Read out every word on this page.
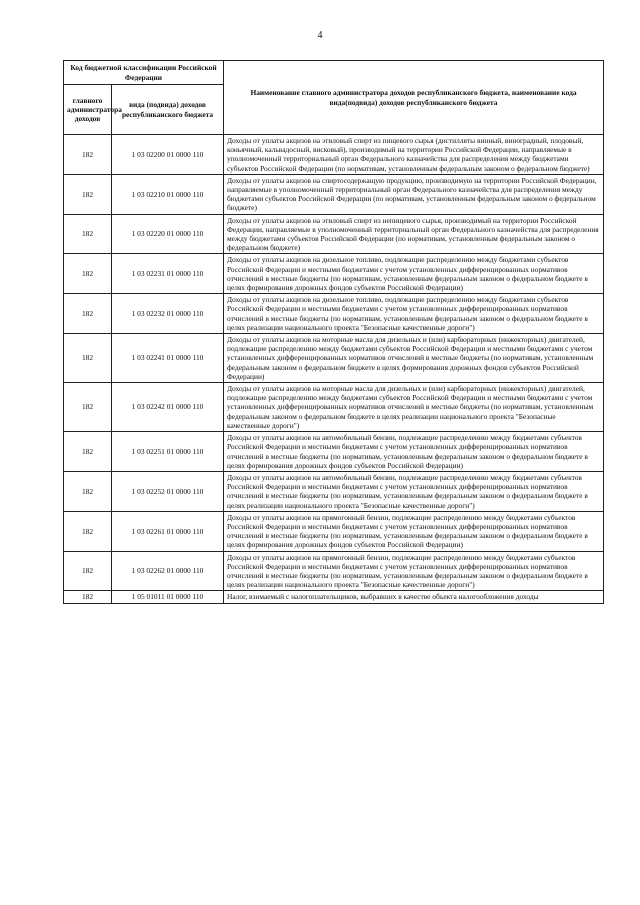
4
Код бюджетной классификации Российской Федерации		Наименование главного администратора доходов республиканского бюджета, наименование кода вида(подвида) доходов республиканского бюджета
главного администратора доходов	вида (подвида) доходов республиканского бюджета	
182	1 03 02200 01 0000 110	Доходы от уплаты акцизов на этиловый спирт из пищевого сырья (дистилляты винный, виноградный, плодовый, коньячный, кальвадосный, висковый), производимый на территории Российской Федерации, направляемые в уполномоченный территориальный орган Федерального казначейства для распределения между бюджетами субъектов Российской Федерации (по нормативам, установленным федеральным законом о федеральном бюджете)
182	1 03 02210 01 0000 110	Доходы от уплаты акцизов на спиртосодержащую продукцию, производимую на территории Российской Федерации, направляемые в уполномоченный территориальный орган Федерального казначейства для распределения между бюджетами субъектов Российской Федерации (по нормативам, установленным федеральным законом о федеральном бюджете)
182	1 03 02220 01 0000 110	Доходы от уплаты акцизов на этиловый спирт из непищевого сырья, производимый на территории Российской Федерации, направляемые в уполномоченный территориальный орган Федерального казначейства для распределения между бюджетами субъектов Российской Федерации (по нормативам, установленным федеральным законом о федеральном бюджете)
182	1 03 02231 01 0000 110	Доходы от уплаты акцизов на дизельное топливо, подлежащие распределению между бюджетами субъектов Российской Федерации и местными бюджетами с учетом установленных дифференцированных нормативов отчислений в местные бюджеты (по нормативам, установленным федеральным законом о федеральном бюджете в целях формирования дорожных фондов субъектов Российской Федерации)
182	1 03 02232 01 0000 110	Доходы от уплаты акцизов на дизельное топливо, подлежащие распределению между бюджетами субъектов Российской Федерации и местными бюджетами с учетом установленных дифференцированных нормативов отчислений в местные бюджеты (по нормативам, установленным федеральным законом о федеральном бюджете в целях реализации национального проекта "Безопасные качественные дороги")
182	1 03 02241 01 0000 110	Доходы от уплаты акцизов на моторные масла для дизельных и (или) карбюраторных (инжекторных) двигателей, подлежащие распределению между бюджетами субъектов Российской Федерации и местными бюджетами с учетом установленных дифференцированных нормативов отчислений в местные бюджеты (по нормативам, установленным федеральным законом о федеральном бюджете в целях формирования дорожных фондов субъектов Российской Федерации)
182	1 03 02242 01 0000 110	Доходы от уплаты акцизов на моторные масла для дизельных и (или) карбюраторных (инжекторных) двигателей, подлежащие распределению между бюджетами субъектов Российской Федерации и местными бюджетами с учетом установленных дифференцированных нормативов отчислений в местные бюджеты (по нормативам, установленным федеральным законом о федеральном бюджете в целях реализации национального проекта "Безопасные качественные дороги")
182	1 03 02251 01 0000 110	Доходы от уплаты акцизов на автомобильный бензин, подлежащие распределению между бюджетами субъектов Российской Федерации и местными бюджетами с учетом установленных дифференцированных нормативов отчислений в местные бюджеты (по нормативам, установленным федеральным законом о федеральном бюджете в целях формирования дорожных фондов субъектов Российской Федерации)
182	1 03 02252 01 0000 110	Доходы от уплаты акцизов на автомобильный бензин, подлежащие распределению между бюджетами субъектов Российской Федерации и местными бюджетами с учетом установленных дифференцированных нормативов отчислений в местные бюджеты (по нормативам, установленным федеральным законом о федеральном бюджете в целях реализации национального проекта "Безопасные качественные дороги")
182	1 03 02261 01 0000 110	Доходы от уплаты акцизов на прямогонный бензин, подлежащие распределению между бюджетами субъектов Российской Федерации и местными бюджетами с учетом установленных дифференцированных нормативов отчислений в местные бюджеты (по нормативам, установленным федеральным законом о федеральном бюджете в целях формирования дорожных фондов субъектов Российской Федерации)
182	1 03 02262 01 0000 110	Доходы от уплаты акцизов на прямогонный бензин, подлежащие распределению между бюджетами субъектов Российской Федерации и местными бюджетами с учетом установленных дифференцированных нормативов отчислений в местные бюджеты (по нормативам, установленным федеральным законом о федеральном бюджете в целях реализации национального проекта "Безопасные качественные дороги")
182	1 05 01011 01 0000 110	Налог, взимаемый с налогоплательщиков, выбравших в качестве объекта налогообложения доходы
